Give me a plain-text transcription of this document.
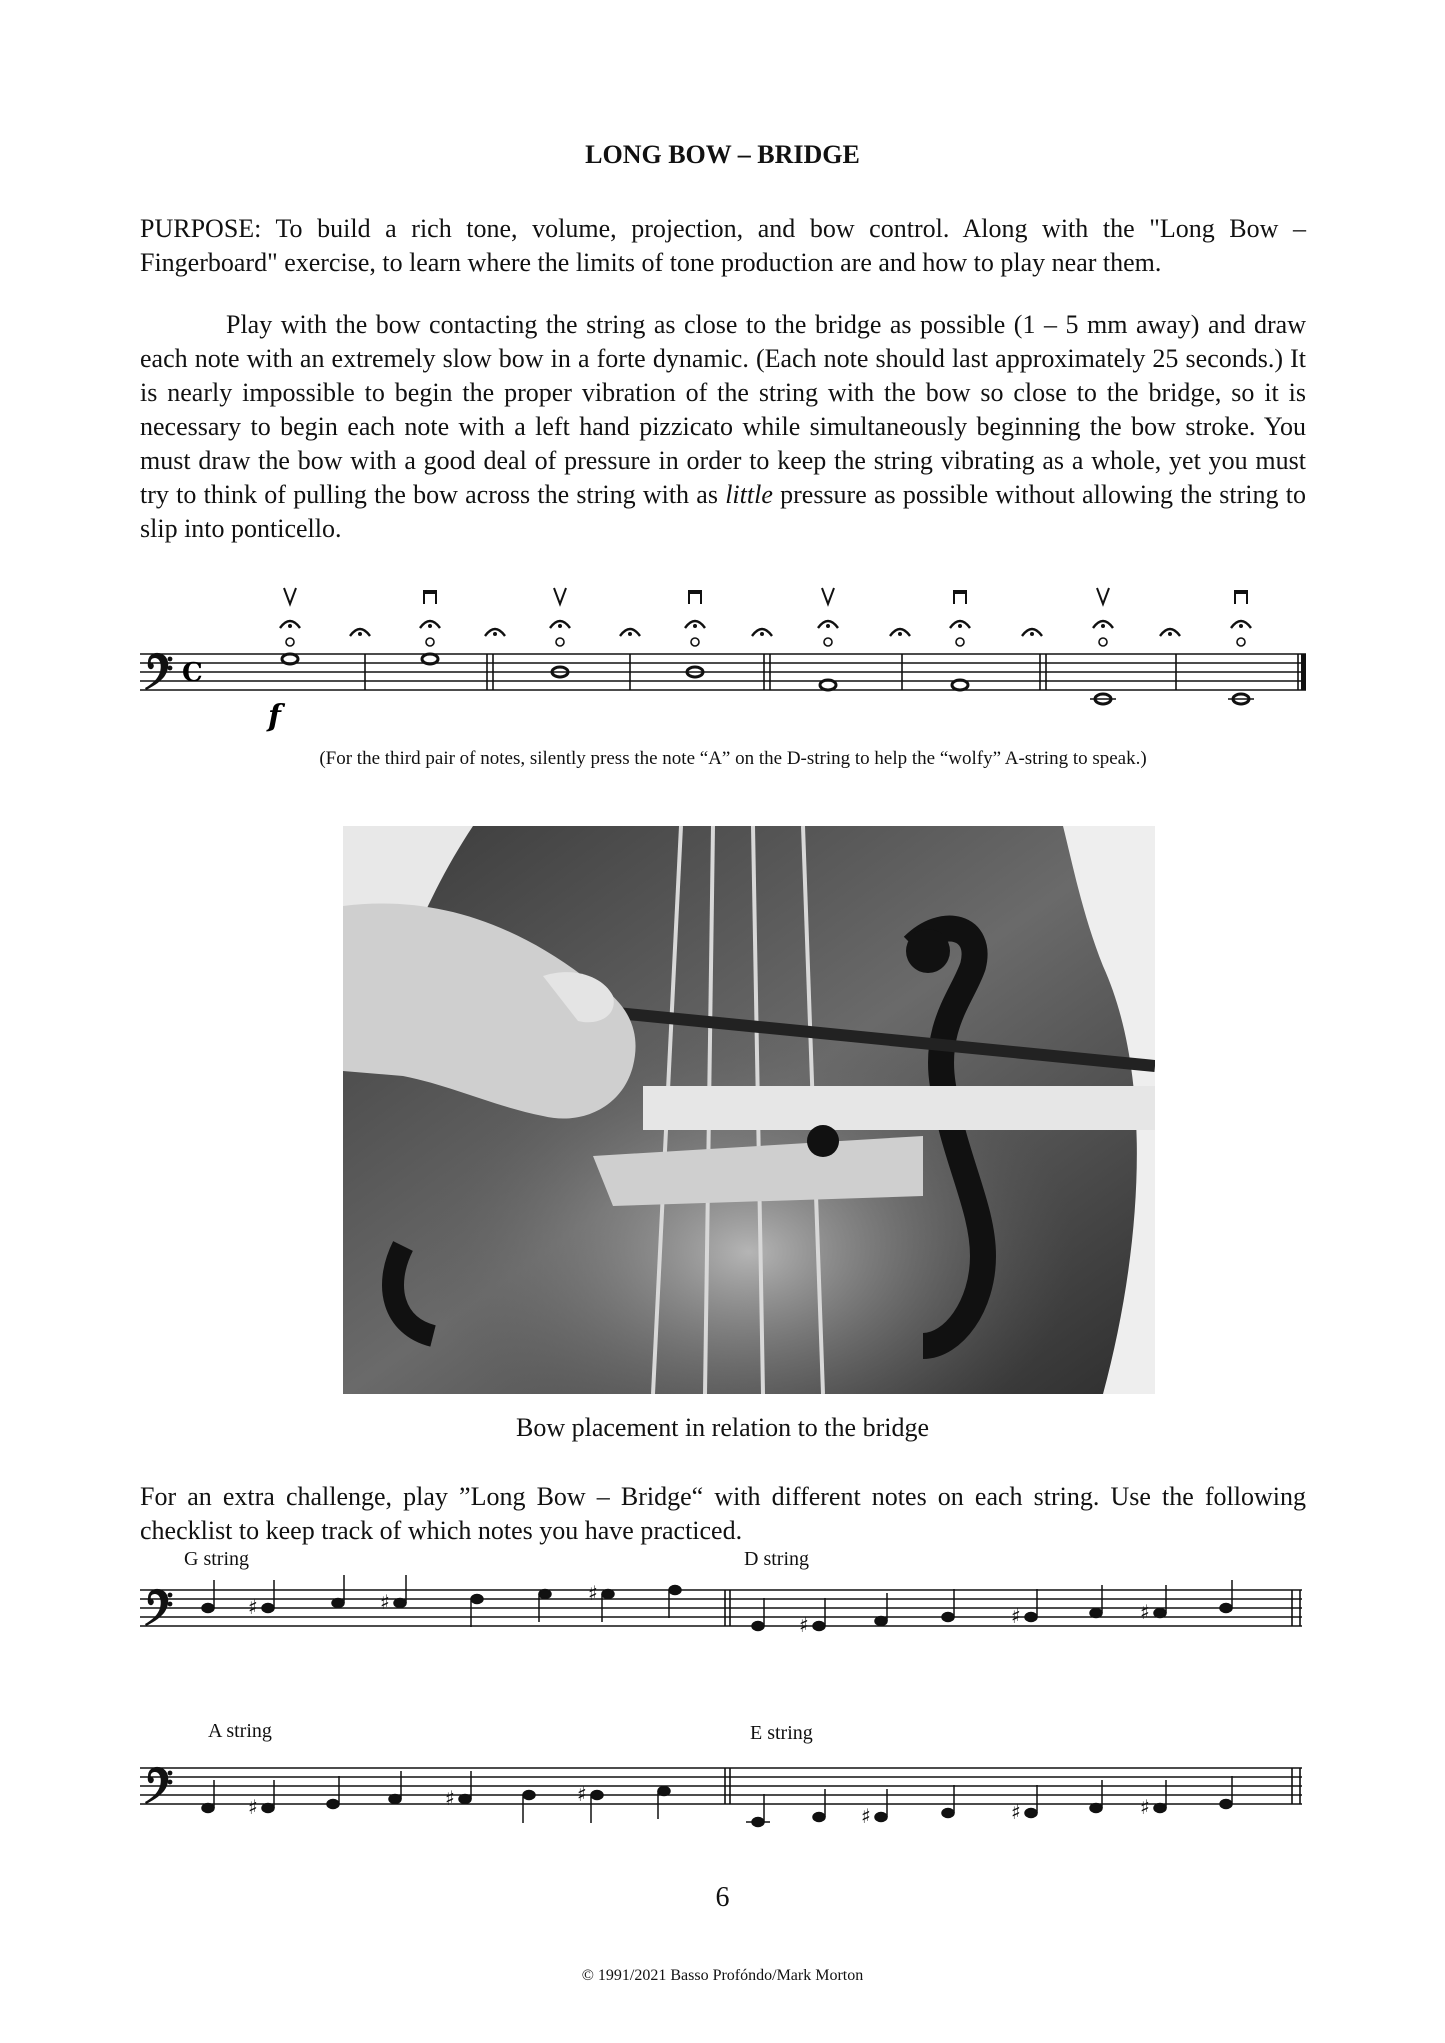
LONG BOW – BRIDGE
PURPOSE: To build a rich tone, volume, projection, and bow control. Along with the "Long Bow – Fingerboard" exercise, to learn where the limits of tone production are and how to play near them.
Play with the bow contacting the string as close to the bridge as possible (1 – 5 mm away) and draw each note with an extremely slow bow in a forte dynamic. (Each note should last approximately 25 seconds.) It is nearly impossible to begin the proper vibration of the string with the bow so close to the bridge, so it is necessary to begin each note with a left hand pizzicato while simultaneously beginning the bow stroke. You must draw the bow with a good deal of pressure in order to keep the string vibrating as a whole, yet you must try to think of pulling the bow across the string with as little pressure as possible without allowing the string to slip into ponticello.
C
f
(For the third pair of notes, silently press the note “A” on the D-string to help the “wolfy” A-string to speak.)
Bow placement in relation to the bridge
For an extra challenge, play ”Long Bow – Bridge“ with different notes on each string. Use the following checklist to keep track of which notes you have practiced.
G string	D string
♯	♯	♯
♯	♯	♯
A string	E string
♯	♯	♯
♯	♯	♯
6
© 1991/2021 Basso Profóndo/Mark Morton
